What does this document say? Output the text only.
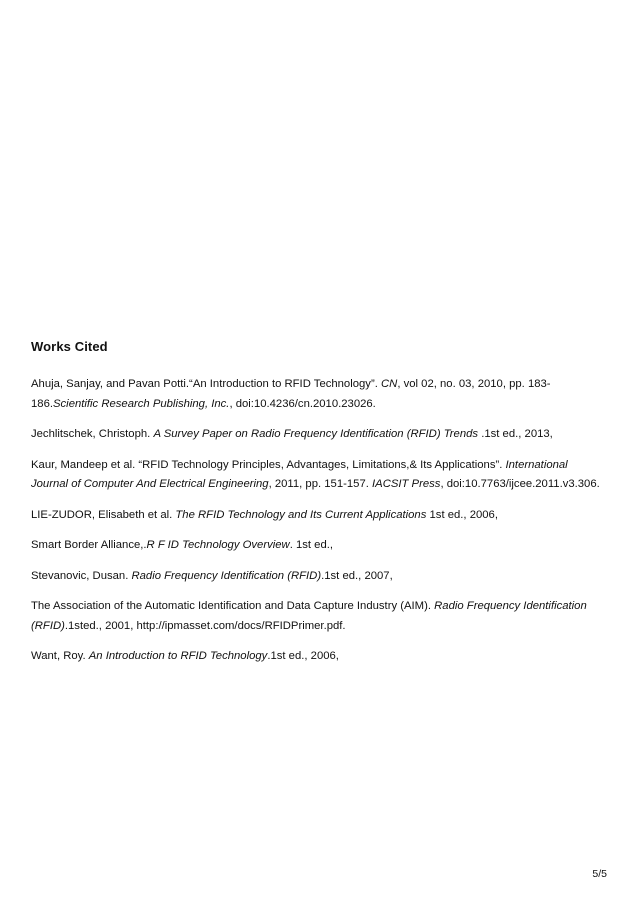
Works Cited
Ahuja, Sanjay, and Pavan Potti.“An Introduction to RFID Technology”. CN, vol 02, no. 03, 2010, pp. 183-186.Scientific Research Publishing, Inc., doi:10.4236/cn.2010.23026.
Jechlitschek, Christoph. A Survey Paper on Radio Frequency Identification (RFID) Trends .1st ed., 2013,
Kaur, Mandeep et al. “RFID Technology Principles, Advantages, Limitations,& Its Applications”. International Journal of Computer And Electrical Engineering, 2011, pp. 151-157. IACSIT Press, doi:10.7763/ijcee.2011.v3.306.
LIE-ZUDOR, Elisabeth et al. The RFID Technology and Its Current Applications 1st ed., 2006,
Smart Border Alliance,.R F ID Technology Overview. 1st ed.,
Stevanovic, Dusan. Radio Frequency Identification (RFID).1st ed., 2007,
The Association of the Automatic Identification and Data Capture Industry (AIM). Radio Frequency Identification (RFID).1sted., 2001, http://ipmasset.com/docs/RFIDPrimer.pdf.
Want, Roy. An Introduction to RFID Technology.1st ed., 2006,
5/5
